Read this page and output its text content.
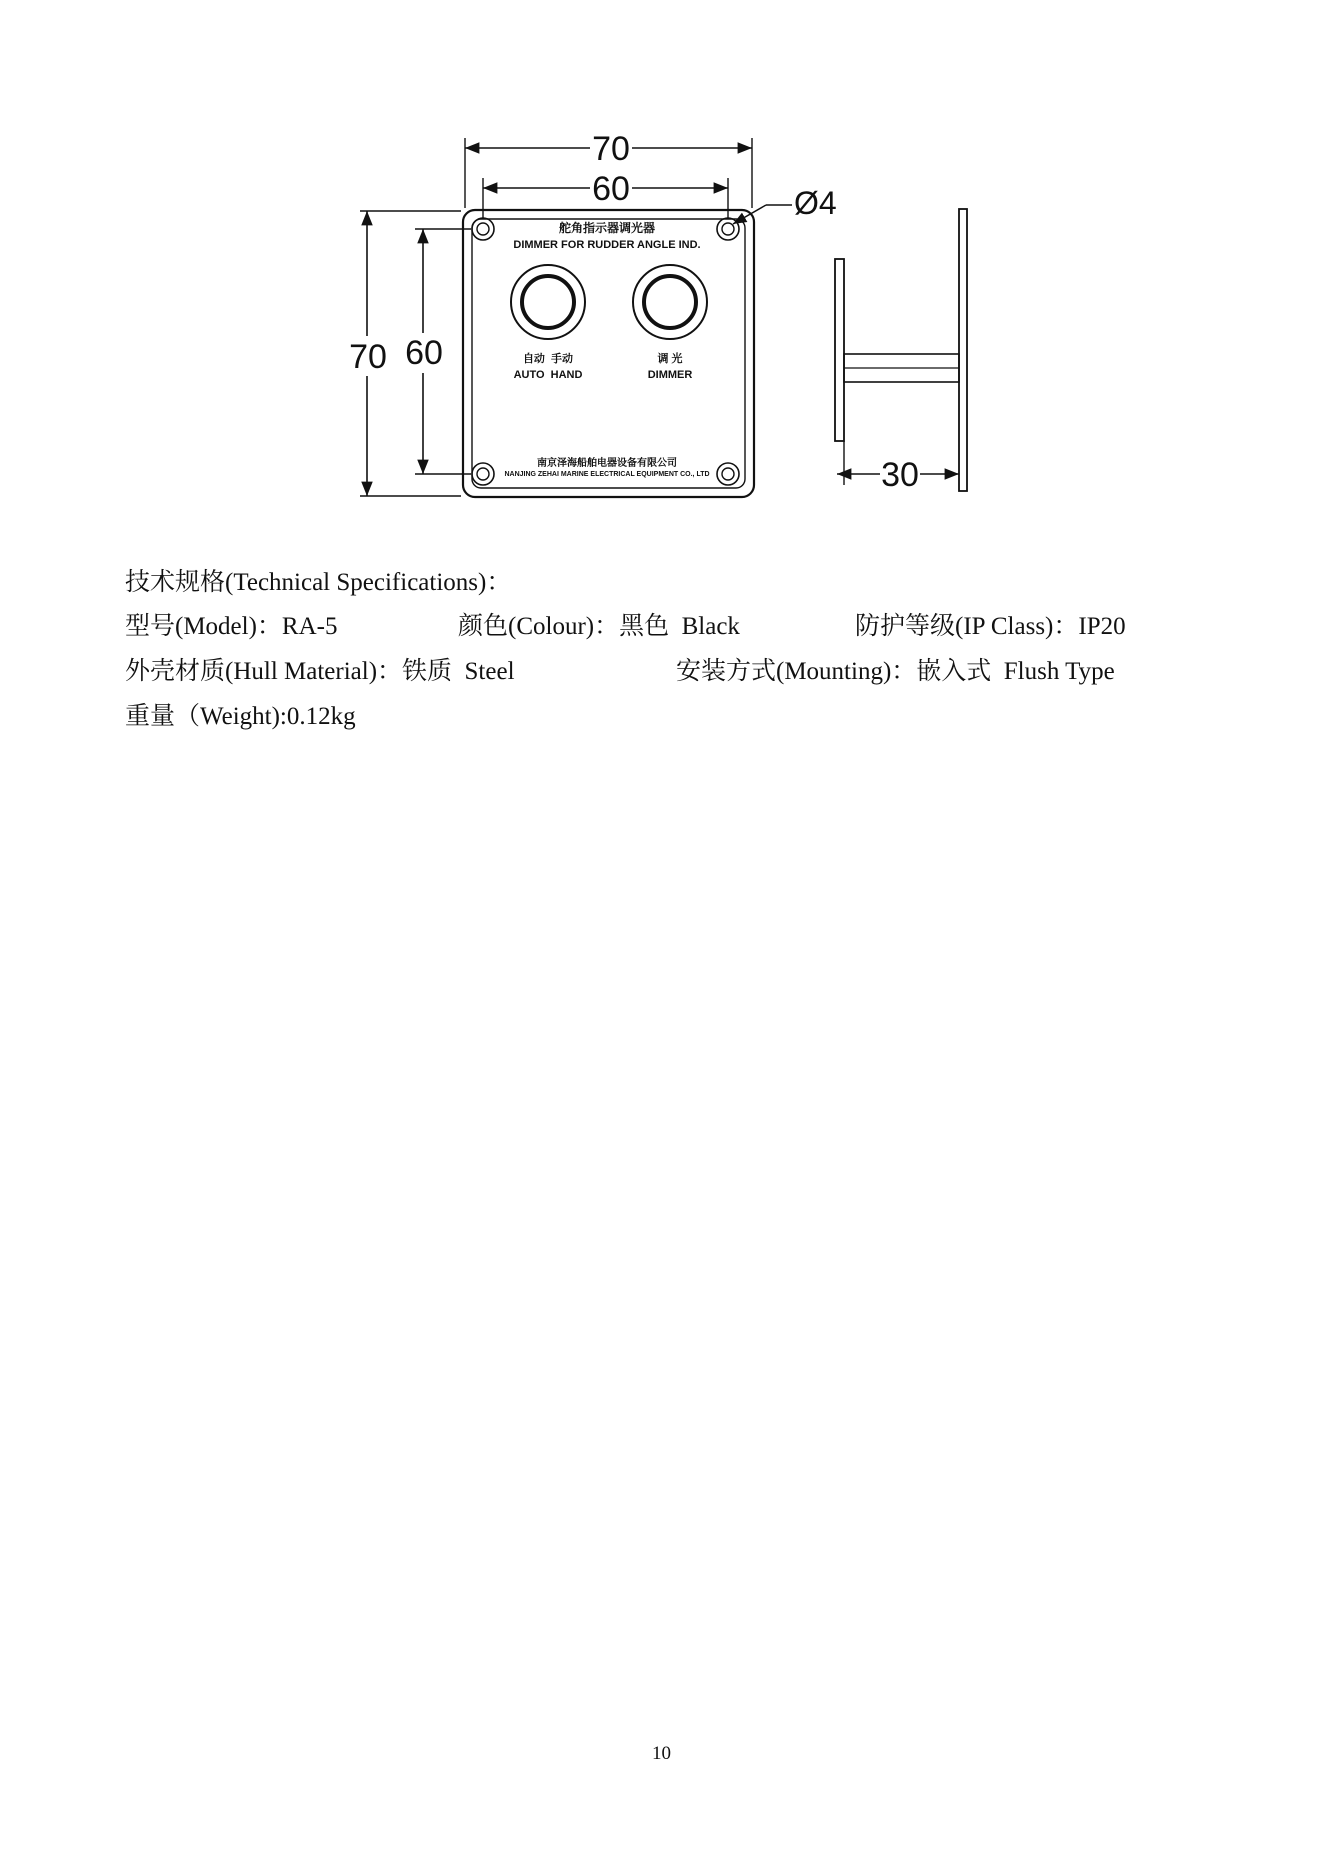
舵角指示器调光器
DIMMER FOR RUDDER ANGLE IND.
自动  手动
AUTO  HAND
调 光
DIMMER
南京泽海船舶电器设备有限公司
NANJING ZEHAI MARINE ELECTRICAL EQUIPMENT CO., LTD
70
60
70 60
Ø4
30
技术规格(Technical Specifications)：
型号(Model)：RA-5	颜色(Colour)：黑色  Black	防护等级(IP Class)：IP20
外壳材质(Hull Material)：铁质  Steel	安装方式(Mounting)：嵌入式  Flush Type
重量（Weight):0.12kg
10
